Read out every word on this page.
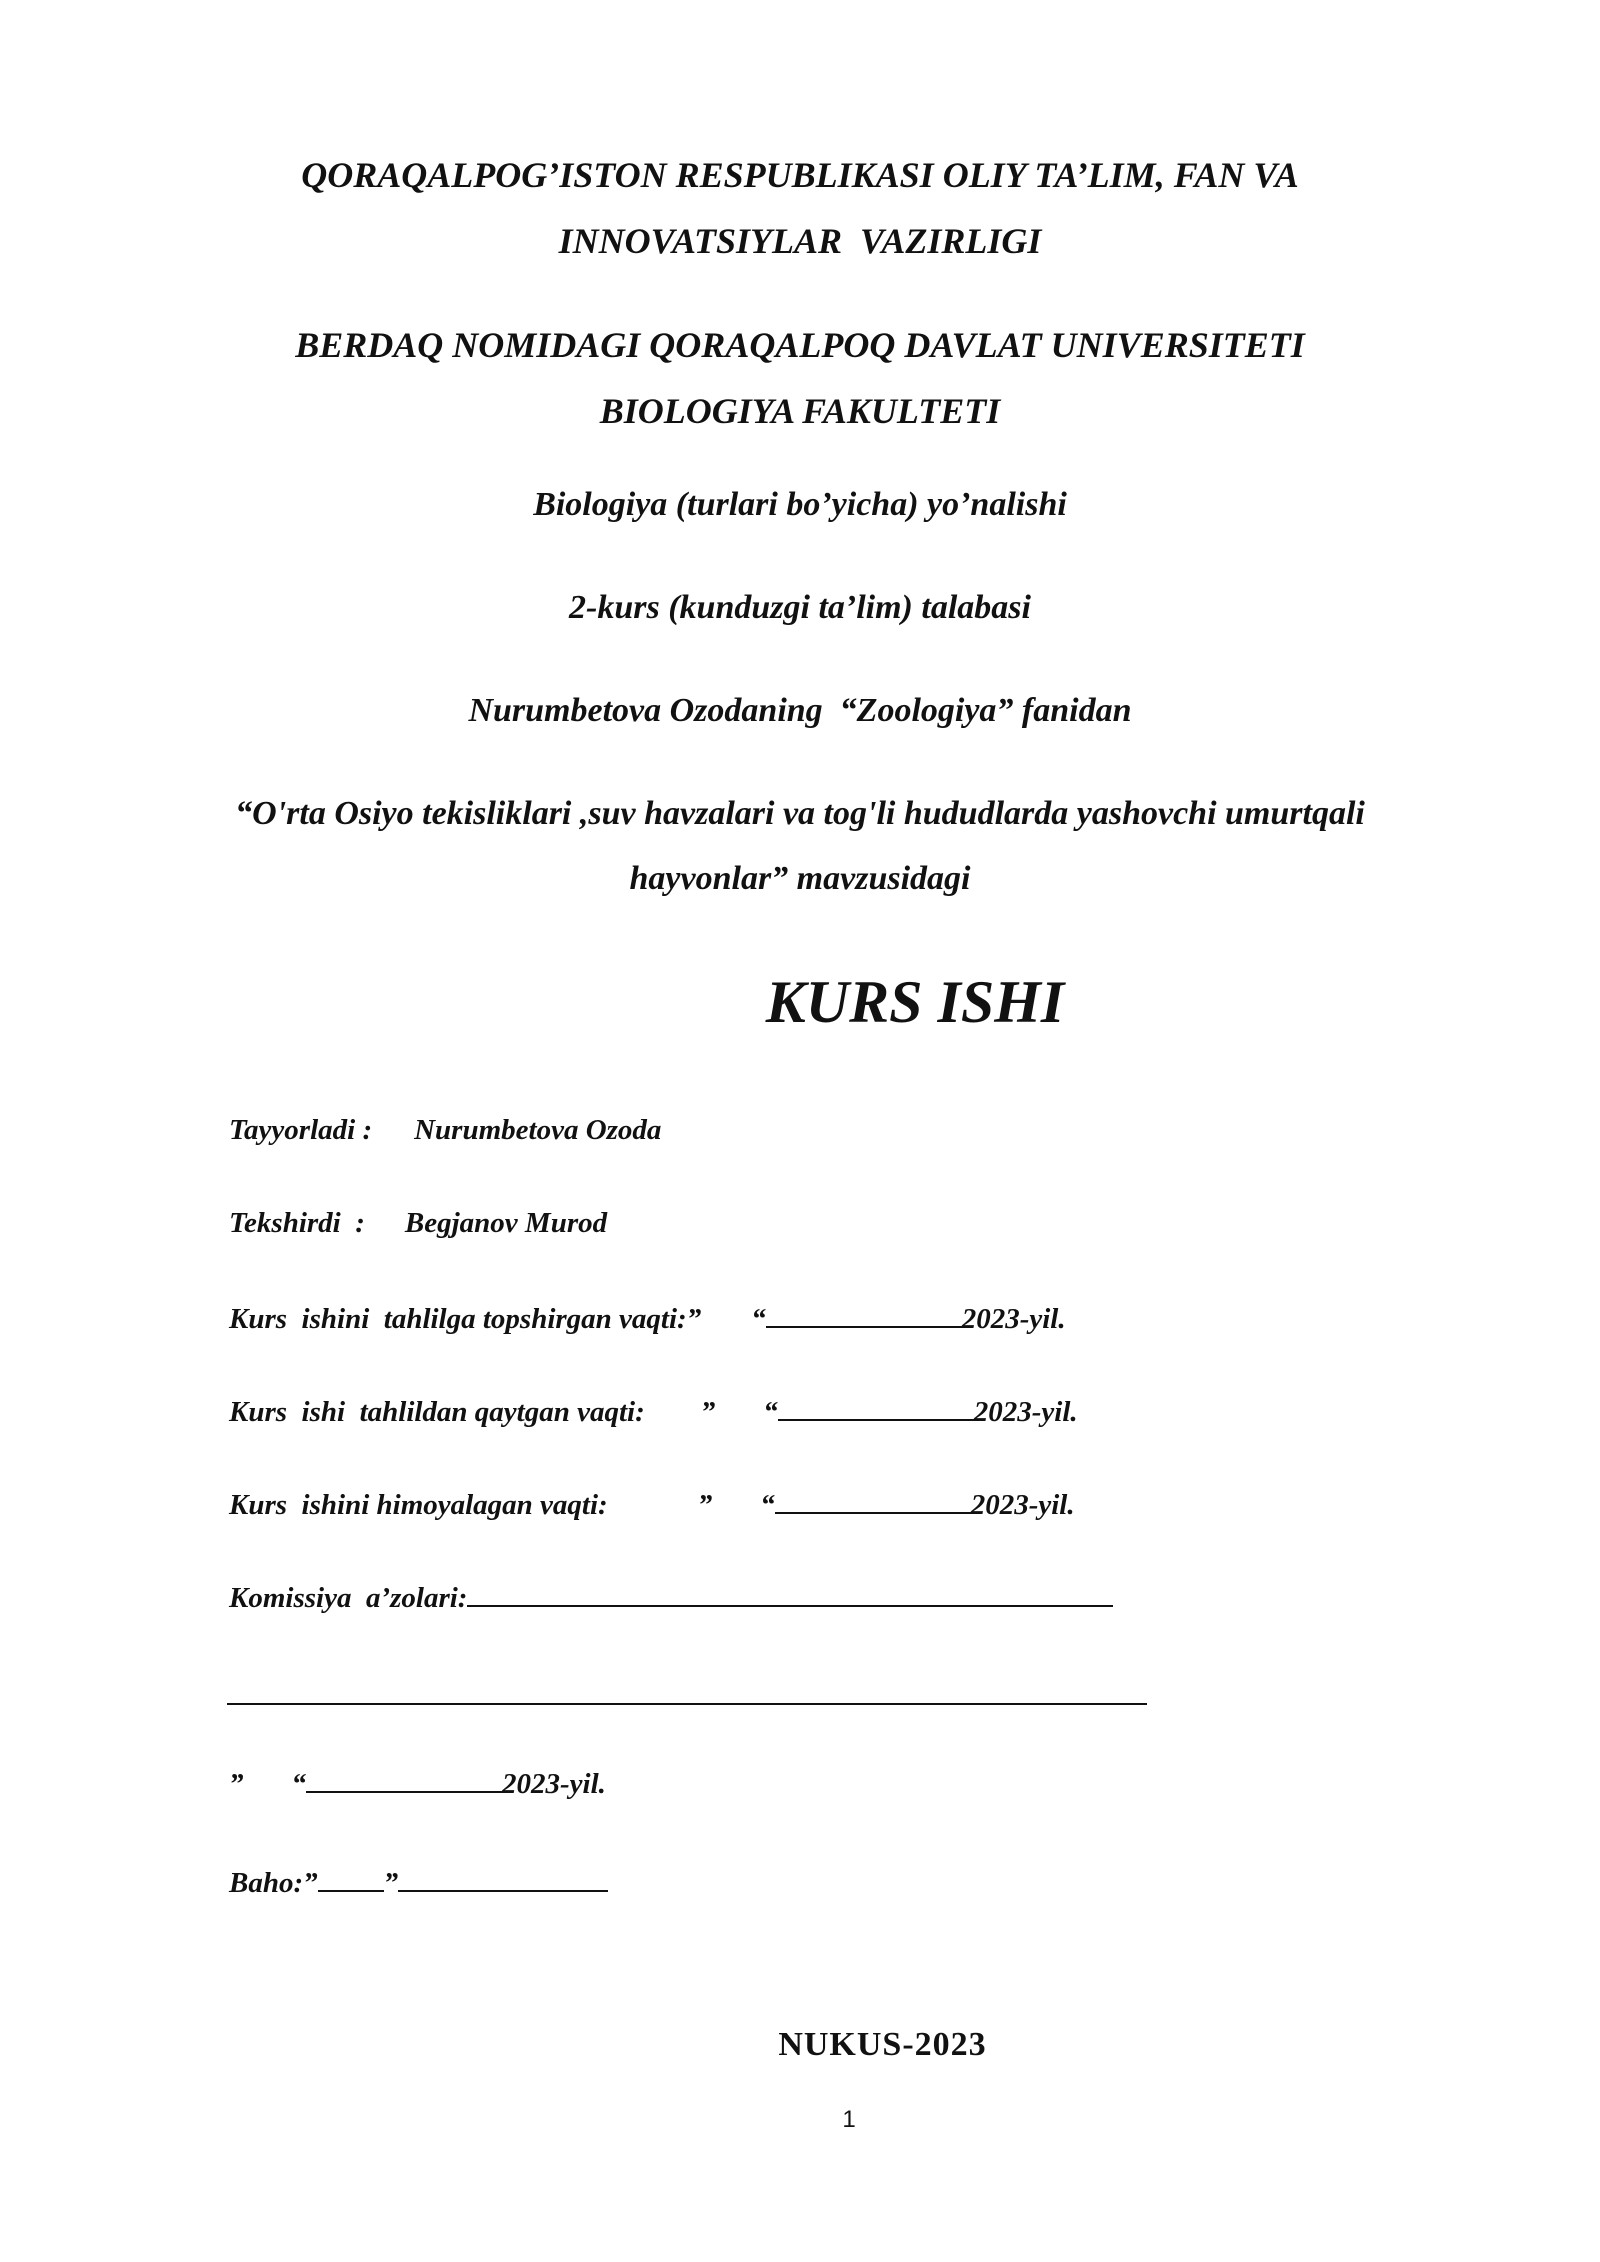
QORAQALPOG’ISTON RESPUBLIKASI OLIY TA’LIM, FAN VA
INNOVATSIYLAR  VAZIRLIGI
BERDAQ NOMIDAGI QORAQALPOQ DAVLAT UNIVERSITETI
BIOLOGIYA FAKULTETI
Biologiya (turlari bo’yicha) yo’nalishi
2-kurs (kunduzgi ta’lim) talabasi
Nurumbetova Ozodaning  “Zoologiya” fanidan
“O'rta Osiyo tekisliklari ,suv havzalari va tog'li hududlarda yashovchi umurtqali
hayvonlar” mavzusidagi
KURS ISHI
Tayyorladi : Nurumbetova Ozoda
Tekshirdi  : Begjanov Murod
Kurs  ishini  tahlilga topshirgan vaqti:” “	2023-yil.
Kurs  ishi  tahlildan qaytgan vaqti: ” “	2023-yil.
Kurs  ishini himoyalagan vaqti:	” “	2023-yil.
Komissiya  a’zolari:
” “	2023-yil.
Baho:” ”
NUKUS-2023
1
